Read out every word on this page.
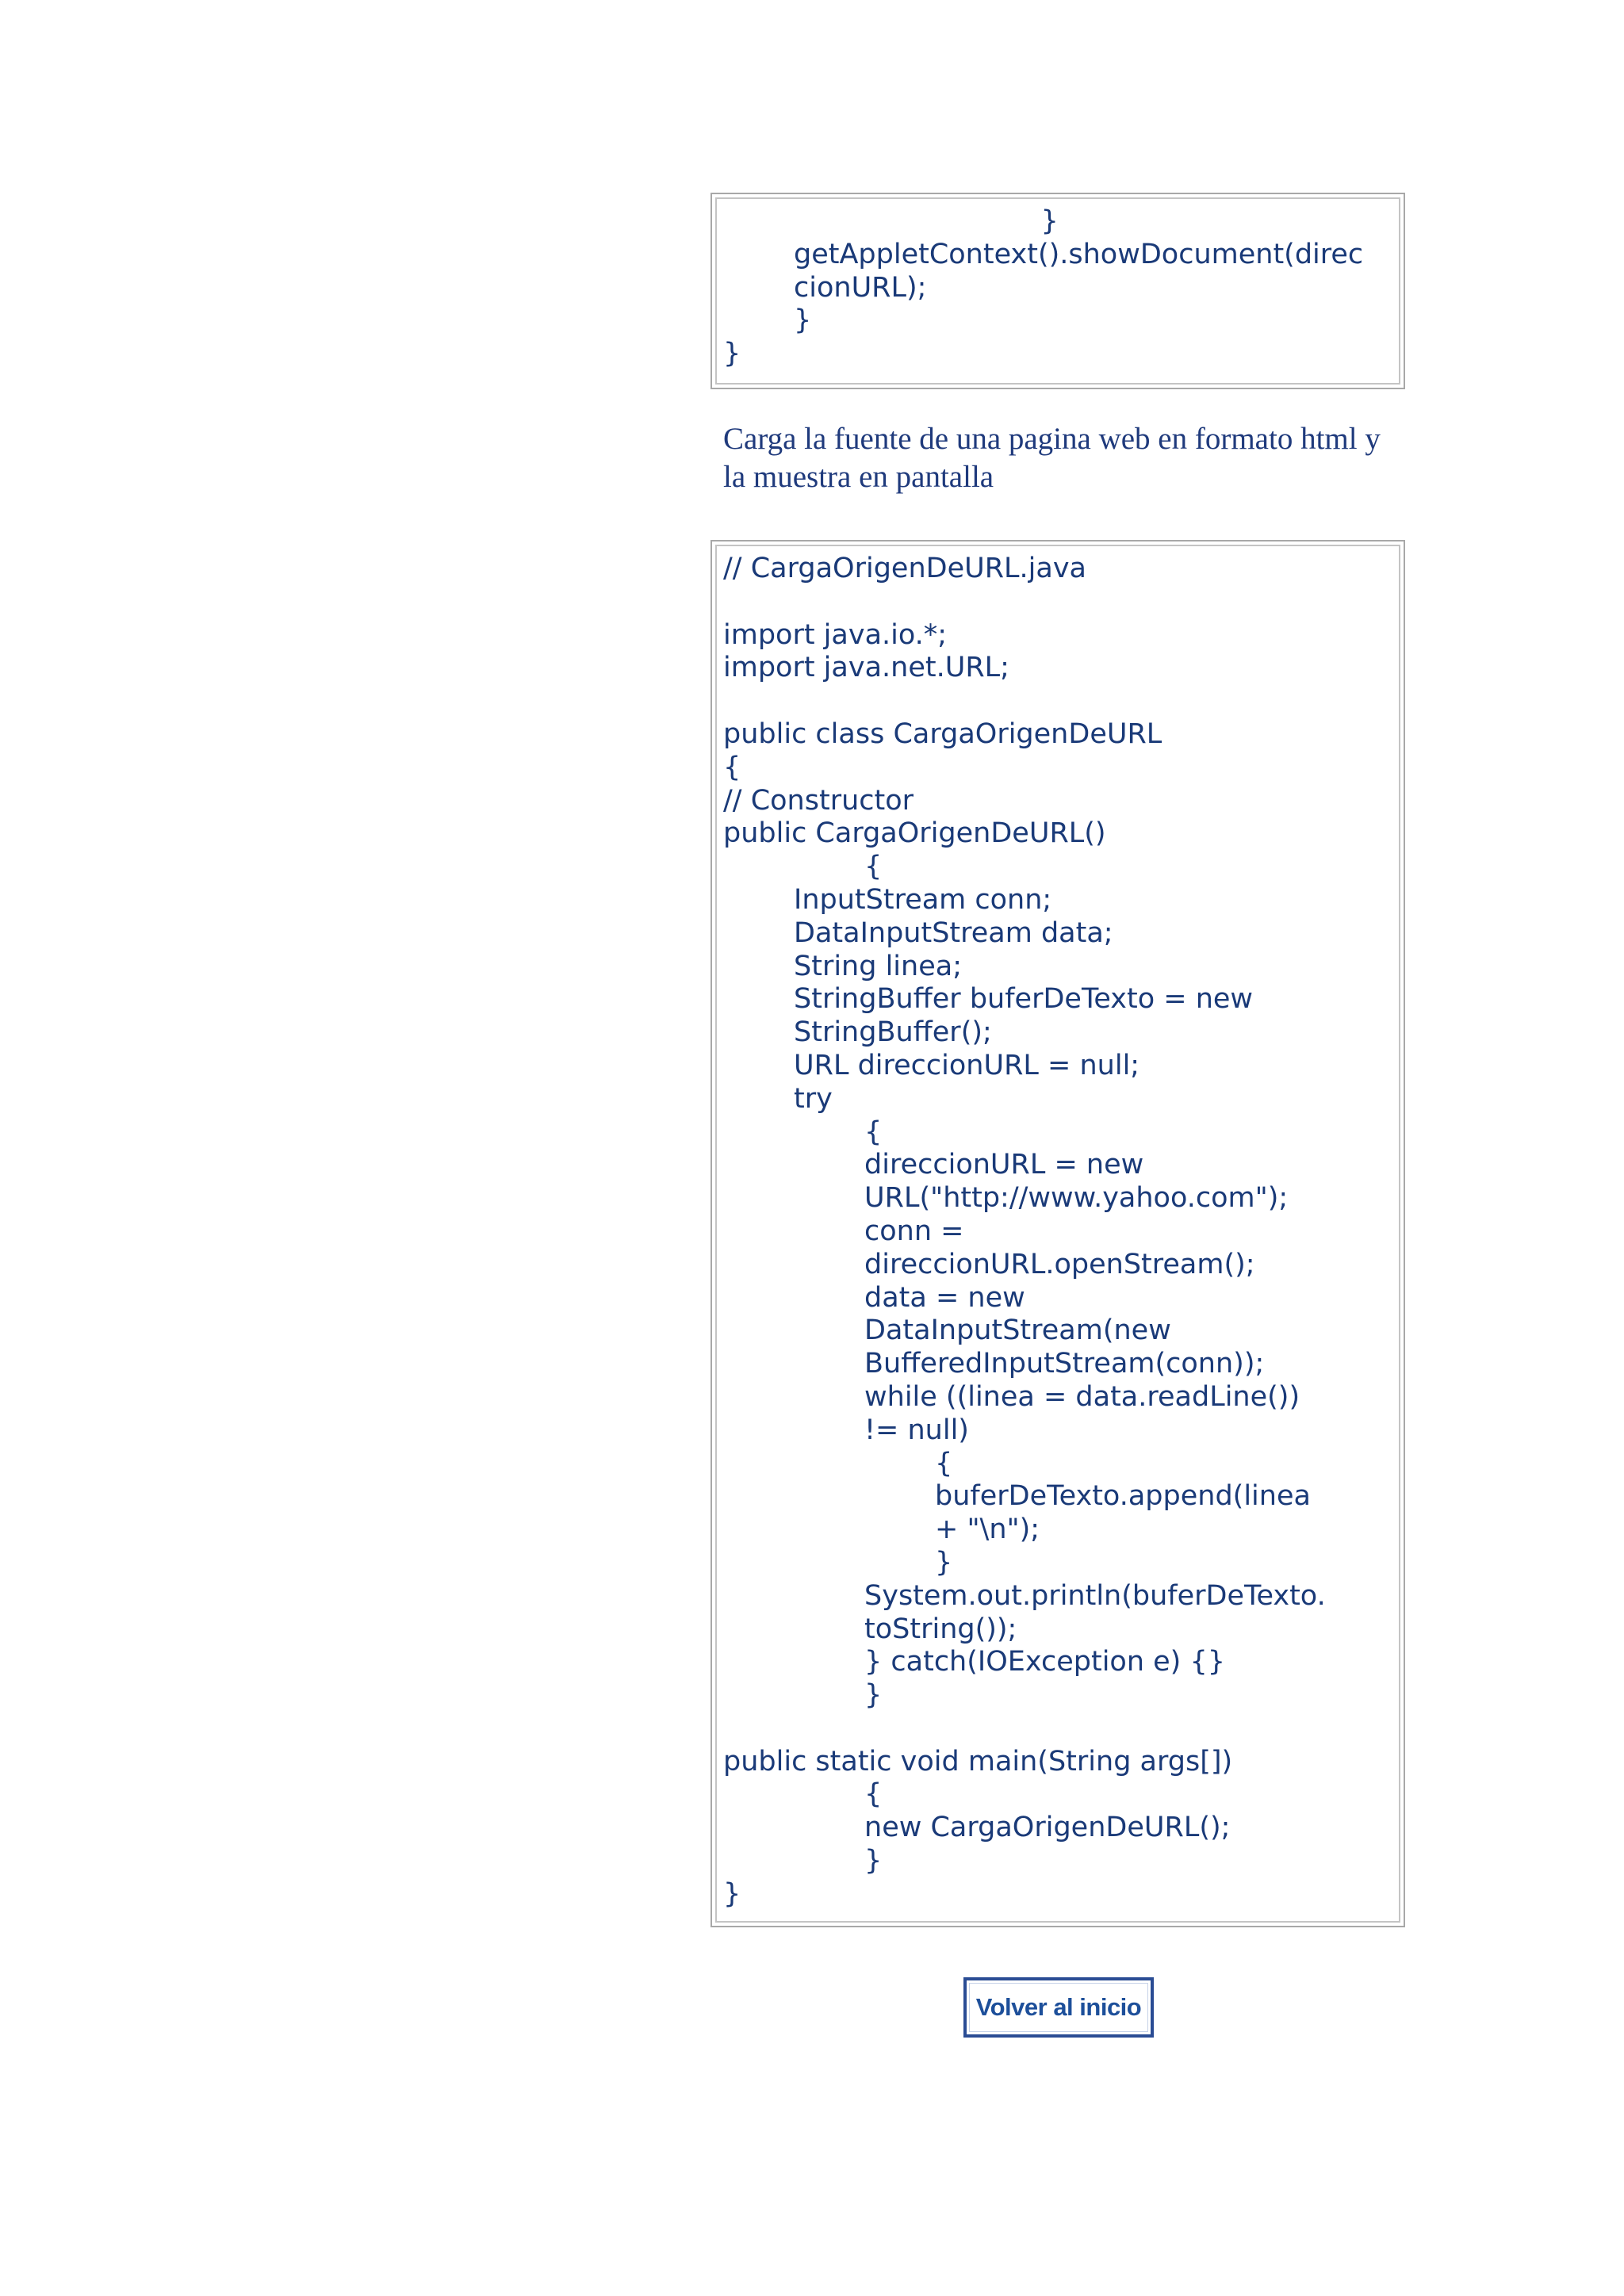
}
getAppletContext().showDocument(direc
cionURL);
}
}
Carga la fuente de una pagina web en formato html y la muestra en pantalla
// CargaOrigenDeURL.java
import java.io.*;
import java.net.URL;
public class CargaOrigenDeURL
{
// Constructor
public CargaOrigenDeURL()
{
InputStream conn;
DataInputStream data;
String linea;
StringBuffer buferDeTexto = new
StringBuffer();
URL direccionURL = null;
try
{
direccionURL = new
URL("http://www.yahoo.com");
conn =
direccionURL.openStream();
data = new
DataInputStream(new
BufferedInputStream(conn));
while ((linea = data.readLine())
!= null)
{
buferDeTexto.append(linea
+ "\n");
}
System.out.println(buferDeTexto.
toString());
} catch(IOException e) {}
}
public static void main(String args[])
{
new CargaOrigenDeURL();
}
}
Volver al inicio
